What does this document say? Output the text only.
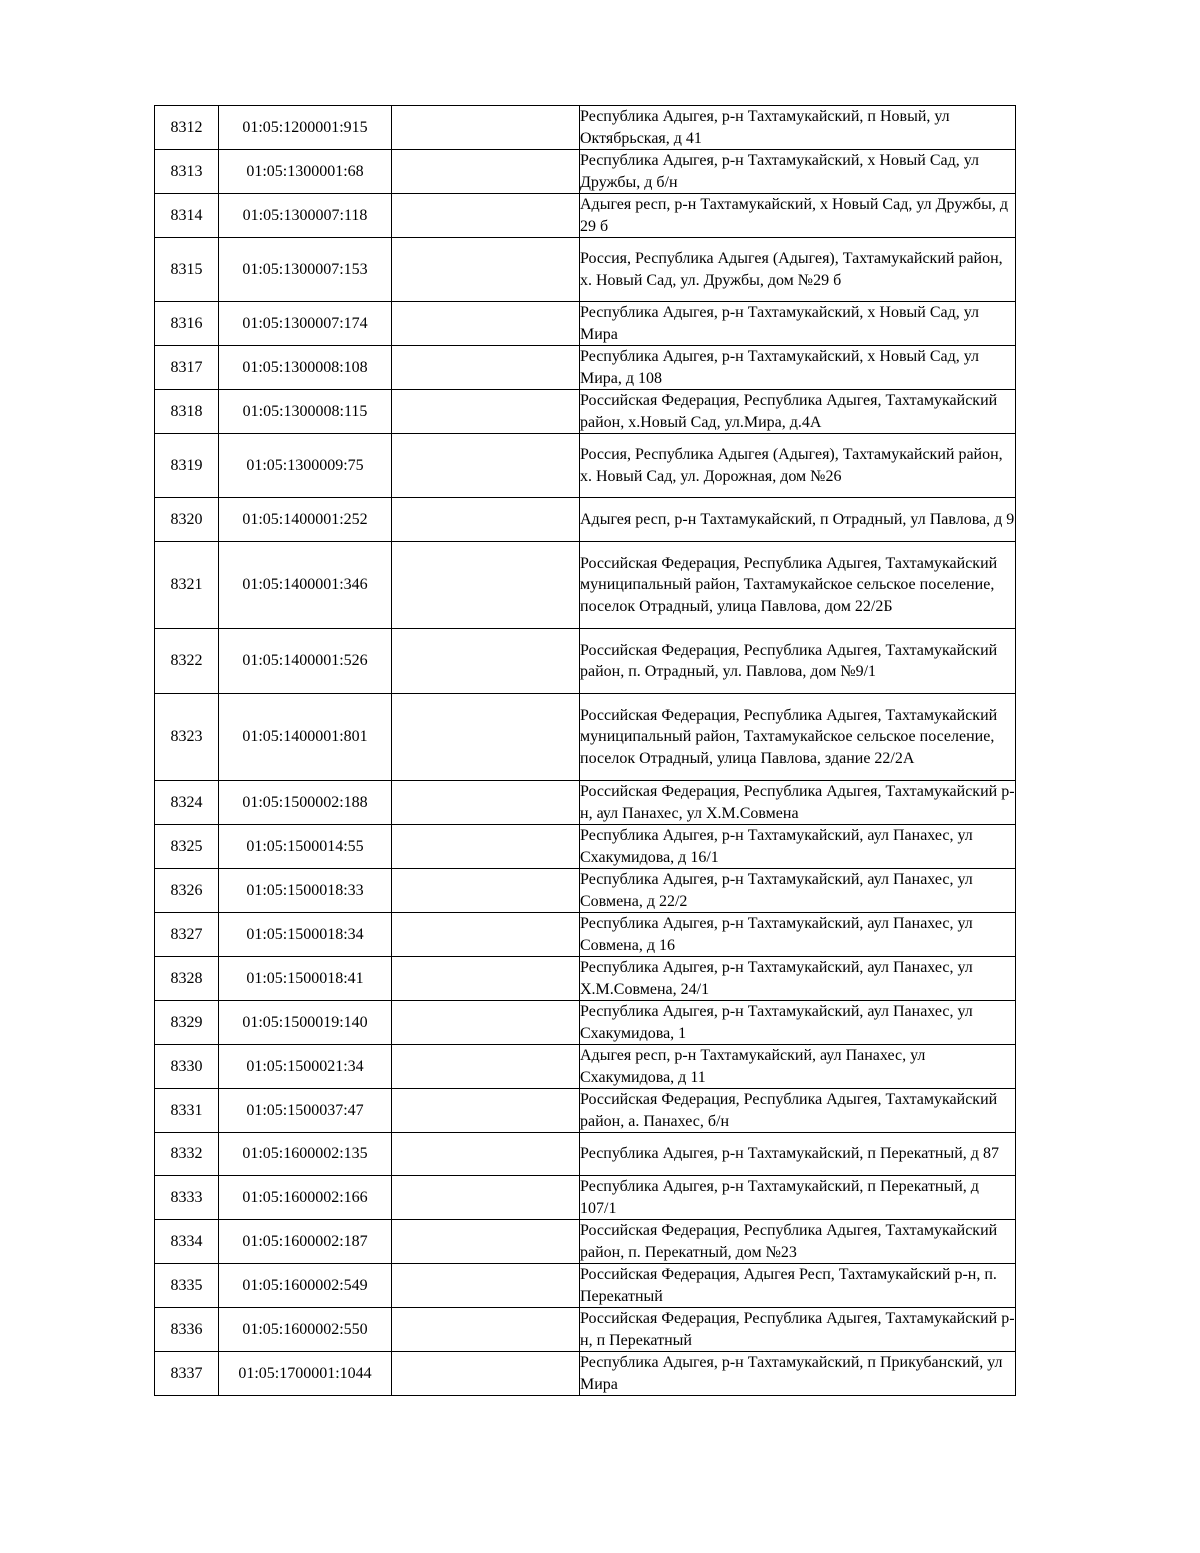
8312	01:05:1200001:915		Республика Адыгея, р-н Тахтамукайский, п Новый, ул Октябрьская, д 41
8313	01:05:1300001:68		Республика Адыгея, р-н Тахтамукайский, х Новый Сад, ул Дружбы, д б/н
8314	01:05:1300007:118		Адыгея респ, р-н Тахтамукайский, х Новый Сад, ул Дружбы, д 29 б
8315	01:05:1300007:153		Россия, Республика Адыгея (Адыгея), Тахтамукайский район, х. Новый Сад, ул. Дружбы, дом №29 б
8316	01:05:1300007:174		Республика Адыгея, р-н Тахтамукайский, х Новый Сад, ул Мира
8317	01:05:1300008:108		Республика Адыгея, р-н Тахтамукайский, х Новый Сад, ул Мира, д 108
8318	01:05:1300008:115		Российская Федерация, Республика Адыгея, Тахтамукайский район, х.Новый Сад, ул.Мира, д.4А
8319	01:05:1300009:75		Россия, Республика Адыгея (Адыгея), Тахтамукайский район, х. Новый Сад, ул. Дорожная, дом №26
8320	01:05:1400001:252		Адыгея респ, р-н Тахтамукайский, п Отрадный, ул Павлова, д 9
8321	01:05:1400001:346		Российская Федерация, Республика Адыгея, Тахтамукайский муниципальный район, Тахтамукайское сельское поселение, поселок Отрадный, улица Павлова, дом 22/2Б
8322	01:05:1400001:526		Российская Федерация, Республика Адыгея, Тахтамукайский район, п. Отрадный, ул. Павлова, дом №9/1
8323	01:05:1400001:801		Российская Федерация, Республика Адыгея, Тахтамукайский муниципальный район, Тахтамукайское сельское поселение, поселок Отрадный, улица Павлова, здание 22/2А
8324	01:05:1500002:188		Российская Федерация, Республика Адыгея, Тахтамукайский р-н, аул Панахес, ул Х.М.Совмена
8325	01:05:1500014:55		Республика Адыгея, р-н Тахтамукайский, аул Панахес, ул Схакумидова, д 16/1
8326	01:05:1500018:33		Республика Адыгея, р-н Тахтамукайский, аул Панахес, ул Совмена, д 22/2
8327	01:05:1500018:34		Республика Адыгея, р-н Тахтамукайский, аул Панахес, ул Совмена, д 16
8328	01:05:1500018:41		Республика Адыгея, р-н Тахтамукайский, аул Панахес, ул Х.М.Совмена, 24/1
8329	01:05:1500019:140		Республика Адыгея, р-н Тахтамукайский, аул Панахес, ул Схакумидова, 1
8330	01:05:1500021:34		Адыгея респ, р-н Тахтамукайский, аул Панахес, ул Схакумидова, д 11
8331	01:05:1500037:47		Российская Федерация, Республика Адыгея, Тахтамукайский район, а. Панахес, б/н
8332	01:05:1600002:135		Республика Адыгея, р-н Тахтамукайский, п Перекатный, д 87
8333	01:05:1600002:166		Республика Адыгея, р-н Тахтамукайский, п Перекатный, д 107/1
8334	01:05:1600002:187		Российская Федерация, Республика Адыгея, Тахтамукайский район, п. Перекатный, дом №23
8335	01:05:1600002:549		Российская Федерация, Адыгея Респ, Тахтамукайский р-н, п. Перекатный
8336	01:05:1600002:550		Российская Федерация, Республика Адыгея, Тахтамукайский р-н, п Перекатный
8337	01:05:1700001:1044		Республика Адыгея, р-н Тахтамукайский, п Прикубанский, ул Мира
